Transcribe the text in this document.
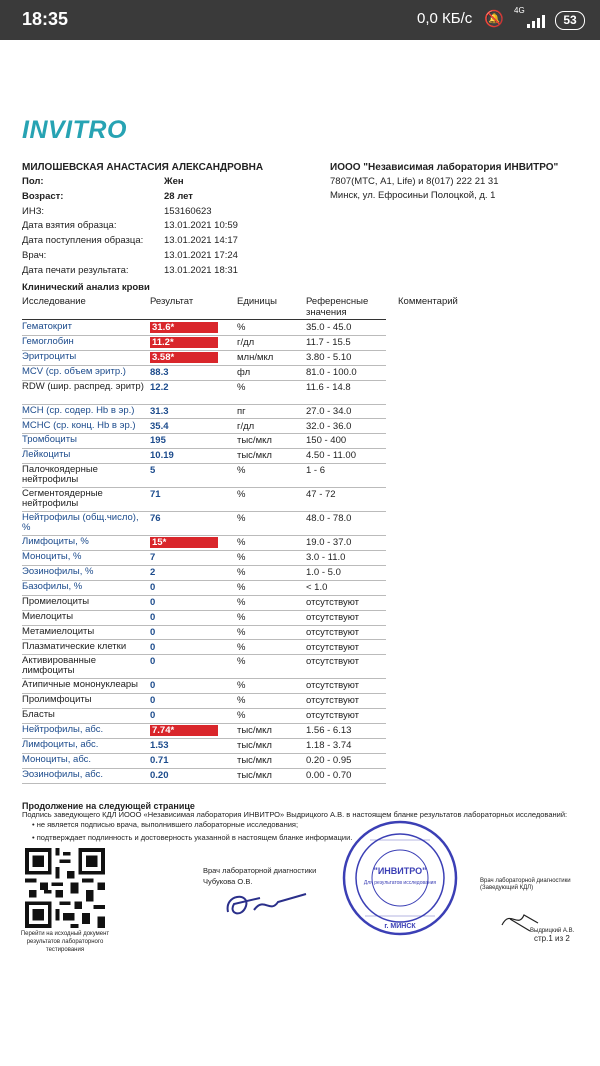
18:35	0,0 КБ/с 🔕
4G
53
INVITRO
МИЛОШЕВСКАЯ АНАСТАСИЯ АЛЕКСАНДРОВНА	ИООО "Независимая лаборатория ИНВИТРО"
7807(МТС, A1, Life) и 8(017) 222 21 31
Минск, ул. Ефросиньи Полоцкой, д. 1
Пол:	Жен
Возраст:	28 лет
ИНЗ:	153160623
Дата взятия образца:	13.01.2021 10:59
Дата поступления образца: 13.01.2021 14:17
Врач:	13.01.2021 17:24
Дата печати результата:	13.01.2021 18:31
Клинический анализ крови
Исследование	Результат	Единицы	Референсные значения
Комментарий
Гематокрит	31.6*	%	35.0 - 45.0
Гемоглобин	11.2*	г/дл	11.7 - 15.5
Эритроциты	3.58*	млн/мкл	3.80 - 5.10
MCV (ср. объем эритр.)	88.3	фл	81.0 - 100.0
RDW (шир. распред. эритр) 12.2	%	11.6 - 14.8
MCH (ср. содер. Hb в эр.)	31.3	пг	27.0 - 34.0
MCHC (ср. конц. Hb в эр.)	35.4	г/дл	32.0 - 36.0
Тромбоциты	195	тыс/мкл	150 - 400
Лейкоциты	10.19	тыс/мкл	4.50 - 11.00
Палочкоядерные нейтрофилы
5	%	1 - 6
Сегментоядерные нейтрофилы
71	%	47 - 72
Нейтрофилы (общ.число), %
76	%	48.0 - 78.0
Лимфоциты, %	15*	%	19.0 - 37.0
Моноциты, %	7	%	3.0 - 11.0
Эозинофилы, %	2	%	1.0 - 5.0
Базофилы, %	0	%	< 1.0
Промиелоциты	0	%	отсутствуют
Миелоциты	0	%	отсутствуют
Метамиелоциты	0	%	отсутствуют
Плазматические клетки	0	%	отсутствуют
Активированные лимфоциты
0	%	отсутствуют
Атипичные мононуклеары	0	%	отсутствуют
Пролимфоциты	0	%	отсутствуют
Бласты	0	%	отсутствуют
Нейтрофилы, абс.	7.74*	тыс/мкл	1.56 - 6.13
Лимфоциты, абс.	1.53	тыс/мкл	1.18 - 3.74
Моноциты, абс.	0.71	тыс/мкл	0.20 - 0.95
Эозинофилы, абс.	0.20	тыс/мкл	0.00 - 0.70
Продолжение на следующей странице
Подпись заведующего КДЛ ИООО «Независимая лаборатория ИНВИТРО» Выдрицкого А.В. в настоящем бланке результатов лабораторных исследований:
• не является подписью врача, выполнившего лабораторные исследования;
• подтверждает подлинность и достоверность указанной в настоящем бланке информации.
Перейти на исходный документ результатов лабораторного тестирования
Врач лабораторной диагностики
Чубукова О.В.
"ИНВИТРО"
Для результатов исследования
г. МИНСК
Врач лабораторной диагностики (Заведующий КДЛ)
Выдрицкий А.В.
стр.1 из 2
